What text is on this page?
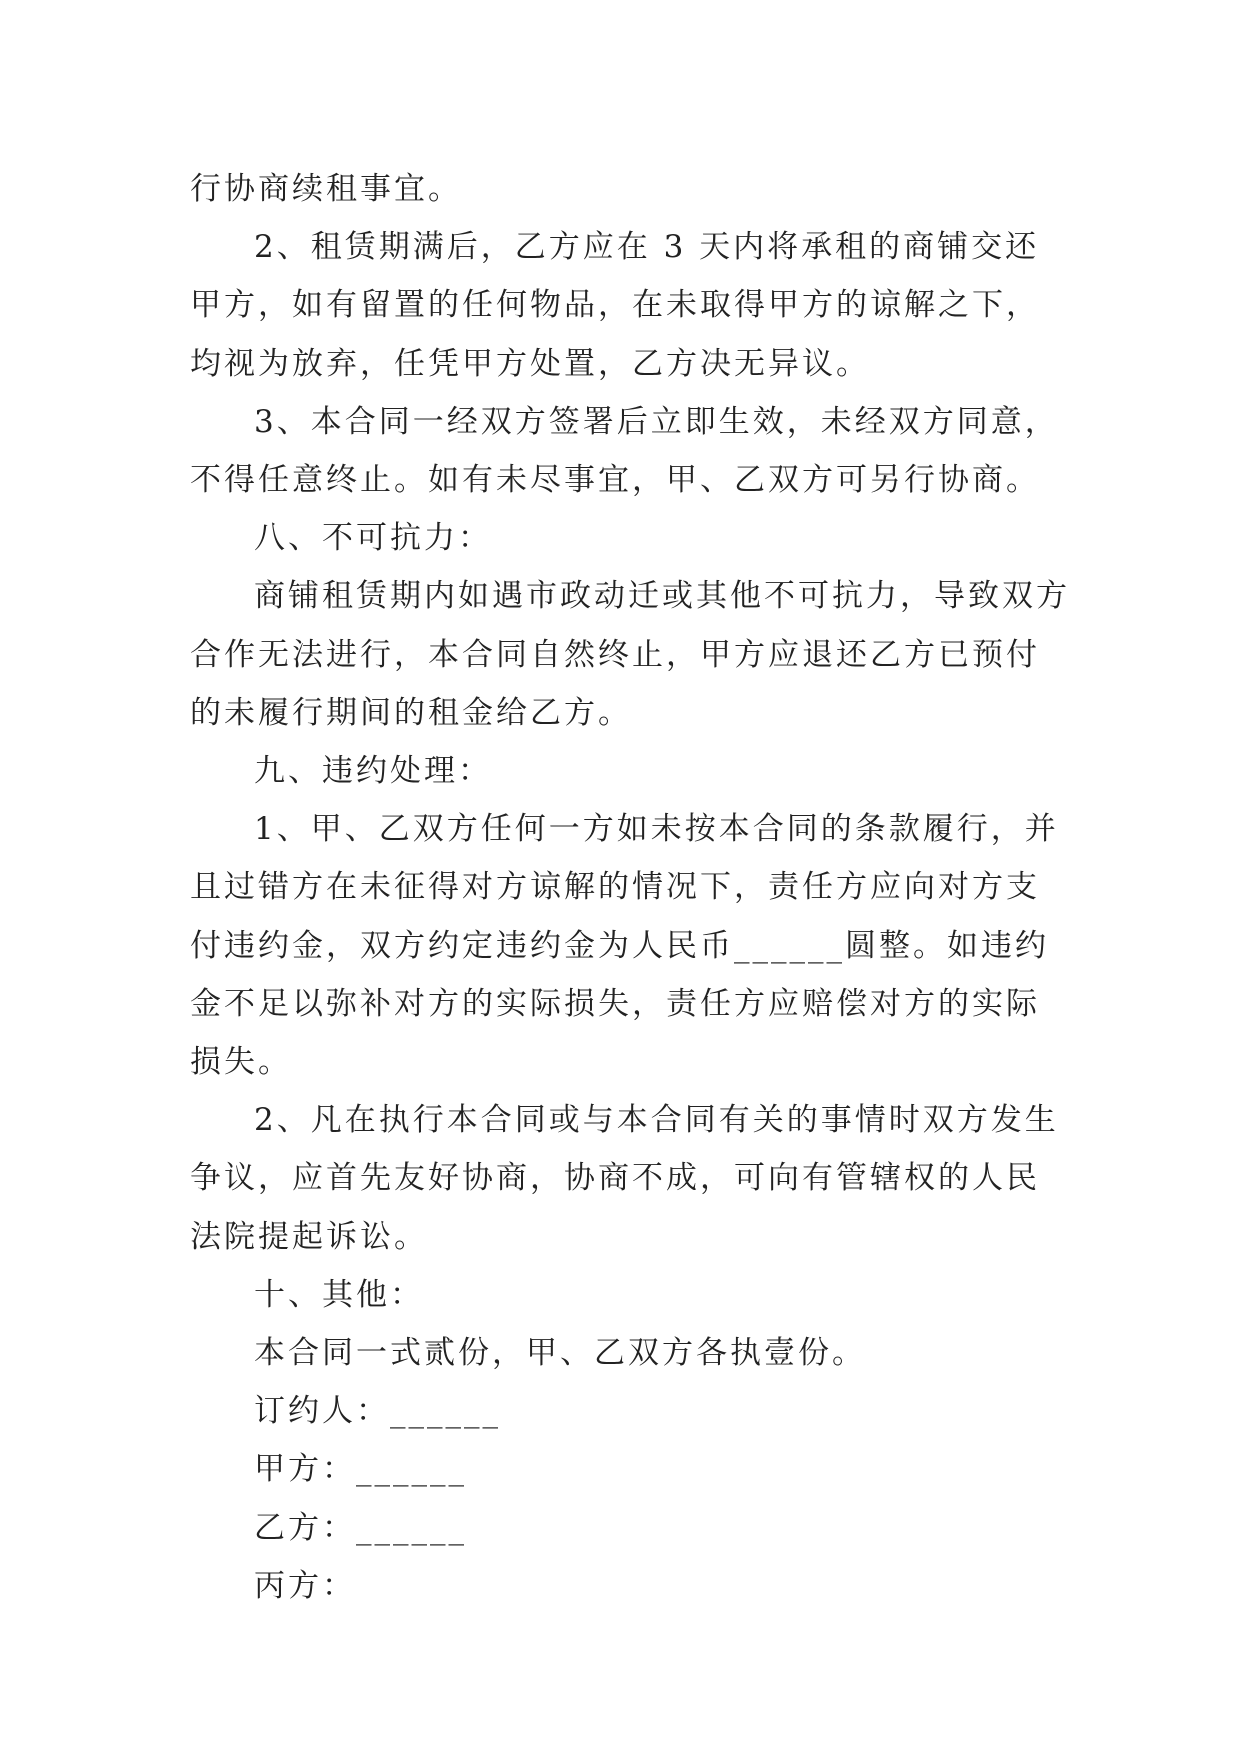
行协商续租事宜。

2、租赁期满后，乙方应在 3 天内将承租的商铺交还甲方，如有留置的任何物品，在未取得甲方的谅解之下，均视为放弃，任凭甲方处置，乙方决无异议。

3、本合同一经双方签署后立即生效，未经双方同意，不得任意终止。如有未尽事宜，甲、乙双方可另行协商。

八、不可抗力：

商铺租赁期内如遇市政动迁或其他不可抗力，导致双方合作无法进行，本合同自然终止，甲方应退还乙方已预付的未履行期间的租金给乙方。

九、违约处理：

1、甲、乙双方任何一方如未按本合同的条款履行，并且过错方在未征得对方谅解的情况下，责任方应向对方支付违约金，双方约定违约金为人民币______圆整。如违约金不足以弥补对方的实际损失，责任方应赔偿对方的实际损失。

2、凡在执行本合同或与本合同有关的事情时双方发生争议，应首先友好协商，协商不成，可向有管辖权的人民法院提起诉讼。

十、其他：

本合同一式贰份，甲、乙双方各执壹份。

订约人：______

甲方：______

乙方：______

丙方：
